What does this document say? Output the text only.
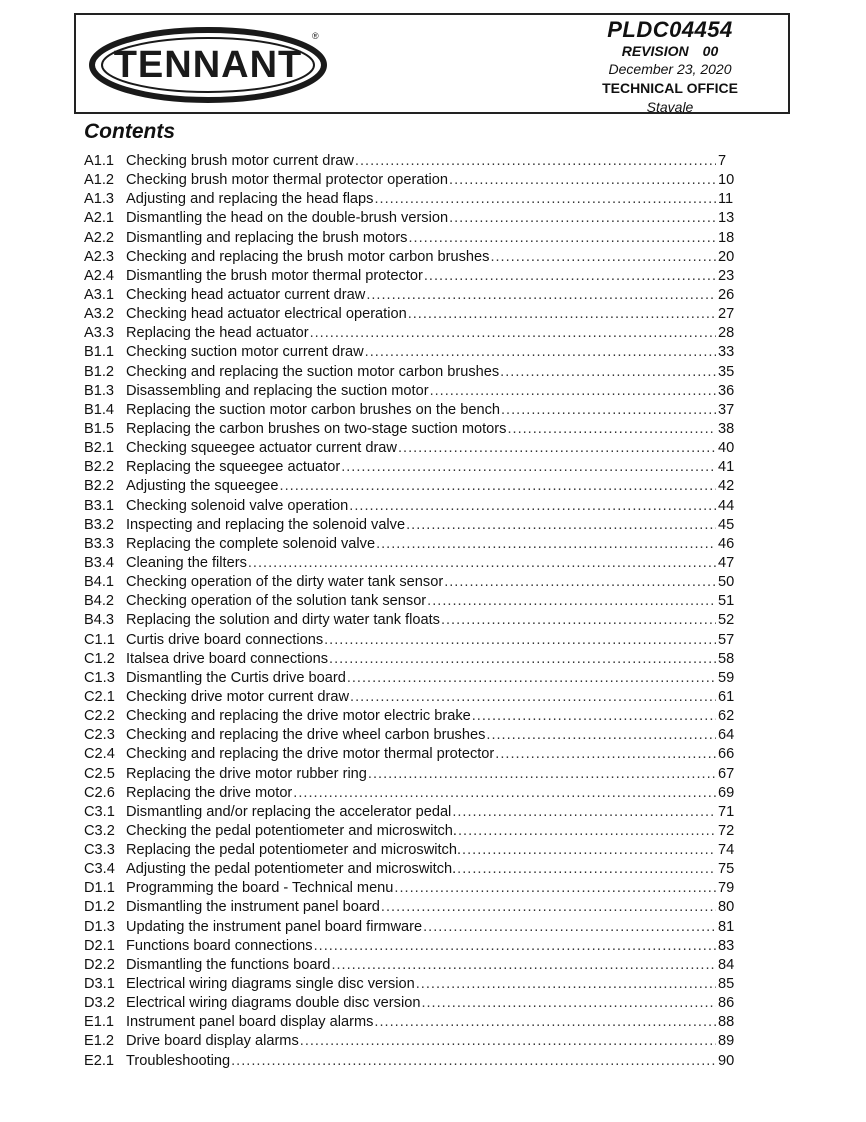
TENNANT
®	PLDC04454
REVISION 00
December 23, 2020
TECHNICAL OFFICE
Stavale
Contents
A1.1 Checking brush motor current draw .....	7
A1.2 Checking brush motor thermal protector operation .....	10
A1.3 Adjusting and replacing the head flaps .....	11
A2.1 Dismantling the head on the double-brush version .....	13
A2.2 Dismantling and replacing the brush motors .....	18
A2.3 Checking and replacing the brush motor carbon brushes .....	20
A2.4 Dismantling the brush motor thermal protector .....	23
A3.1 Checking head actuator current draw .....	26
A3.2 Checking head actuator electrical operation .....	27
A3.3 Replacing the head actuator .....	28
B1.1 Checking suction motor current draw .....	33
B1.2 Checking and replacing the suction motor carbon brushes .....	35
B1.3 Disassembling and replacing the suction motor .....	36
B1.4 Replacing the suction motor carbon brushes on the bench .....	37
B1.5 Replacing the carbon brushes on two-stage suction motors .....	38
B2.1 Checking squeegee actuator current draw .....	40
B2.2 Replacing the squeegee actuator .....	41
B2.2 Adjusting the squeegee .....	42
B3.1 Checking solenoid valve operation .....	44
B3.2 Inspecting and replacing the solenoid valve .....	45
B3.3 Replacing the complete solenoid valve .....	46
B3.4 Cleaning the filters .....	47
B4.1 Checking operation of the dirty water tank sensor .....	50
B4.2 Checking operation of the solution tank sensor .....	51
B4.3 Replacing the solution and dirty water tank floats .....	52
C1.1 Curtis drive board connections .....	57
C1.2 Italsea drive board connections .....	58
C1.3 Dismantling the Curtis drive board .....	59
C2.1 Checking drive motor current draw .....	61
C2.2 Checking and replacing the drive motor electric brake .....	62
C2.3 Checking and replacing the drive wheel carbon brushes .....	64
C2.4 Checking and replacing the drive motor thermal protector .....	66
C2.5 Replacing the drive motor rubber ring .....	67
C2.6 Replacing the drive motor .....	69
C3.1 Dismantling and/or replacing the accelerator pedal .....	71
C3.2 Checking the pedal potentiometer and microswitch. .....	72
C3.3 Replacing the pedal potentiometer and microswitch. .....	74
C3.4 Adjusting the pedal potentiometer and microswitch. .....	75
D1.1 Programming the board - Technical menu .....	79
D1.2 Dismantling the instrument panel board .....	80
D1.3 Updating the instrument panel board firmware .....	81
D2.1 Functions board connections .....	83
D2.2 Dismantling the functions board .....	84
D3.1 Electrical wiring diagrams single disc version .....	85
D3.2 Electrical wiring diagrams double disc version .....	86
E1.1 Instrument panel board display alarms .....	88
E1.2 Drive board display alarms .....	89
E2.1 Troubleshooting .....	90
